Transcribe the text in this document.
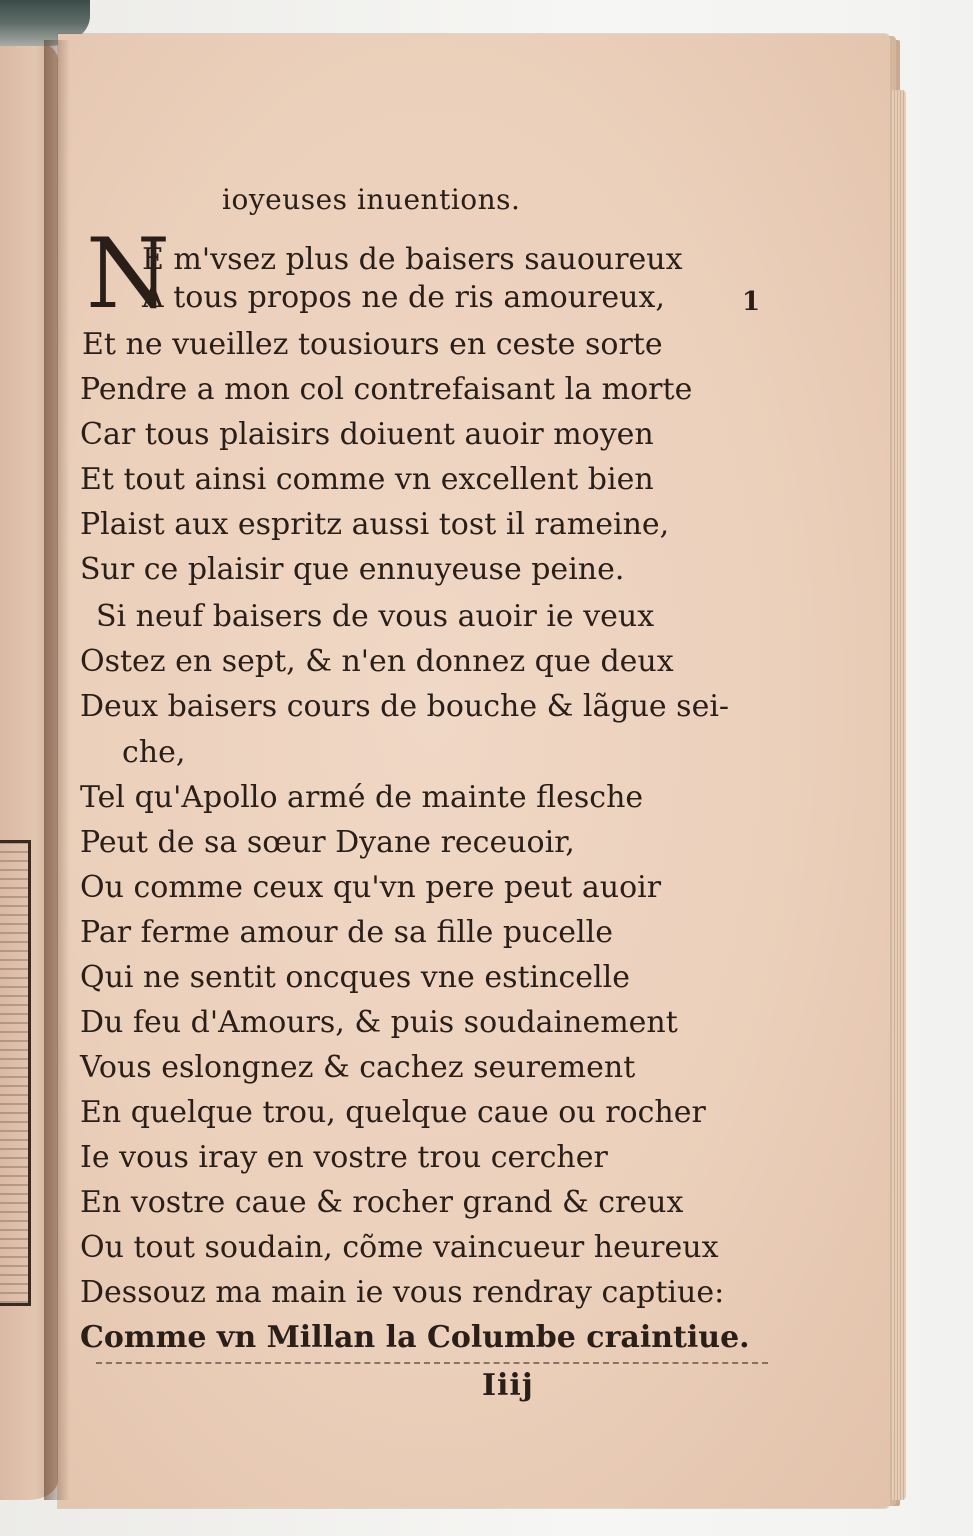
ioyeuses inuentions.
N
E m'vsez plus de baisers sauoureux
A tous propos ne de ris amoureux,
Et ne vueillez tousiours en ceste sorte
Pendre a mon col contrefaisant la morte
Car tous plaisirs doiuent auoir moyen
Et tout ainsi comme vn excellent bien
Plaist aux espritz aussi tost il rameine,
Sur ce plaisir que ennuyeuse peine.
Si neuf baisers de vous auoir ie veux
Ostez en sept, & n'en donnez que deux
Deux baisers cours de bouche & lãgue sei-
che,
Tel qu'Apollo armé de mainte flesche
Peut de sa sœur Dyane receuoir,
Ou comme ceux qu'vn pere peut auoir
Par ferme amour de sa fille pucelle
Qui ne sentit oncques vne estincelle
Du feu d'Amours, & puis soudainement
Vous eslongnez & cachez seurement
En quelque trou, quelque caue ou rocher
Ie vous iray en vostre trou cercher
En vostre caue & rocher grand & creux
Ou tout soudain, cõme vaincueur heureux
Dessouz ma main ie vous rendray captiue:
Comme vn Millan la Columbe craintiue.
1
Iiij
